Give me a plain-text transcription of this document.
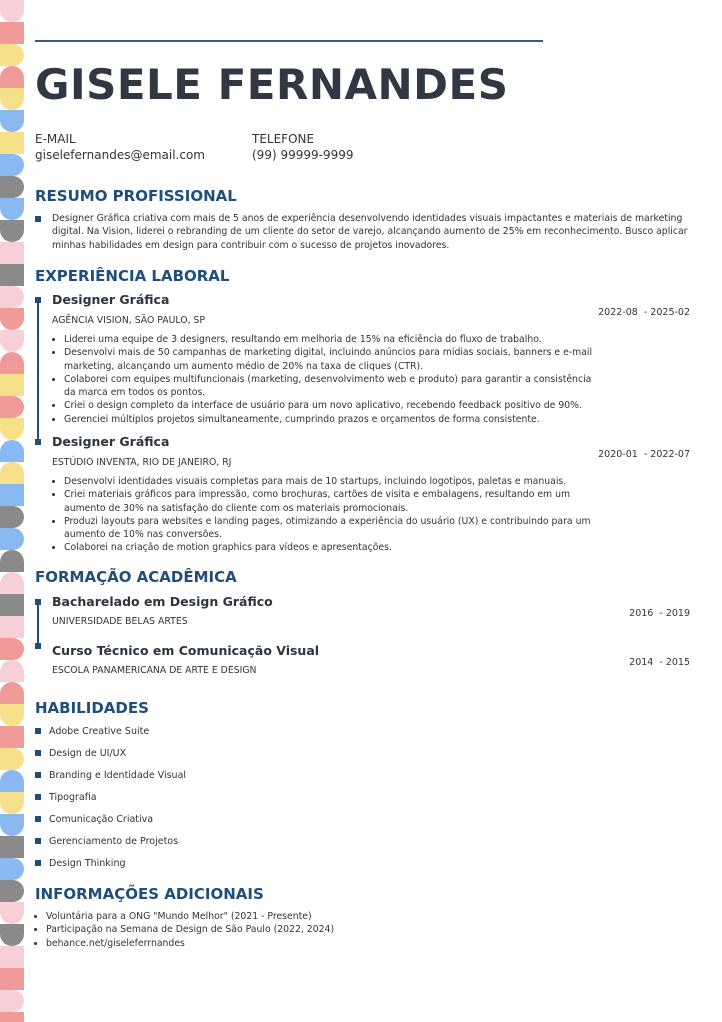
GISELE FERNANDES
E-MAIL
giselefernandes@email.com
TELEFONE
(99) 99999-9999
RESUMO PROFISSIONAL

Designer Gráfica criativa com mais de 5 anos de experiência desenvolvendo identidades visuais impactantes e materiais de marketing digital. Na Vision, liderei o rebranding de um cliente do setor de varejo, alcançando aumento de 25% em reconhecimento. Busco aplicar minhas habilidades em design para contribuir com o sucesso de projetos inovadores.

EXPERIÊNCIA LABORAL
2022-08  - 2025-02
Designer Gráfica
AGÊNCIA VISION, SÃO PAULO, SP
• Liderei uma equipe de 3 designers, resultando em melhoria de 15% na eficiência do fluxo de trabalho.
• Desenvolvi mais de 50 campanhas de marketing digital, incluindo anúncios para mídias sociais, banners e e-mail marketing, alcançando um aumento médio de 20% na taxa de cliques (CTR).
• Colaborei com equipes multifuncionais (marketing, desenvolvimento web e produto) para garantir a consistência da marca em todos os pontos.
• Criei o design completo da interface de usuário para um novo aplicativo, recebendo feedback positivo de 90%.
• Gerenciei múltiplos projetos simultaneamente, cumprindo prazos e orçamentos de forma consistente.
2020-01  - 2022-07
Designer Gráfica
ESTÚDIO INVENTA, RIO DE JANEIRO, RJ
• Desenvolvi identidades visuais completas para mais de 10 startups, incluindo logotipos, paletas e manuais.
• Criei materiais gráficos para impressão, como brochuras, cartões de visita e embalagens, resultando em um aumento de 30% na satisfação do cliente com os materiais promocionais.
• Produzi layouts para websites e landing pages, otimizando a experiência do usuário (UX) e contribuindo para um aumento de 10% nas conversões.
• Colaborei na criação de motion graphics para vídeos e apresentações.
FORMAÇÃO ACADÊMICA
2016  - 2019
Bacharelado em Design Gráfico
UNIVERSIDADE BELAS ARTES
2014  - 2015
Curso Técnico em Comunicação Visual
ESCOLA PANAMERICANA DE ARTE E DESIGN
HABILIDADES
Adobe Creative Suite
Design de UI/UX
Branding e Identidade Visual
Tipografia
Comunicação Criativa
Gerenciamento de Projetos
Design Thinking
INFORMAÇÕES ADICIONAIS
• Voluntária para a ONG "Mundo Melhor" (2021 - Presente)
• Participação na Semana de Design de São Paulo (2022, 2024)
• behance.net/giseleferrnandes
